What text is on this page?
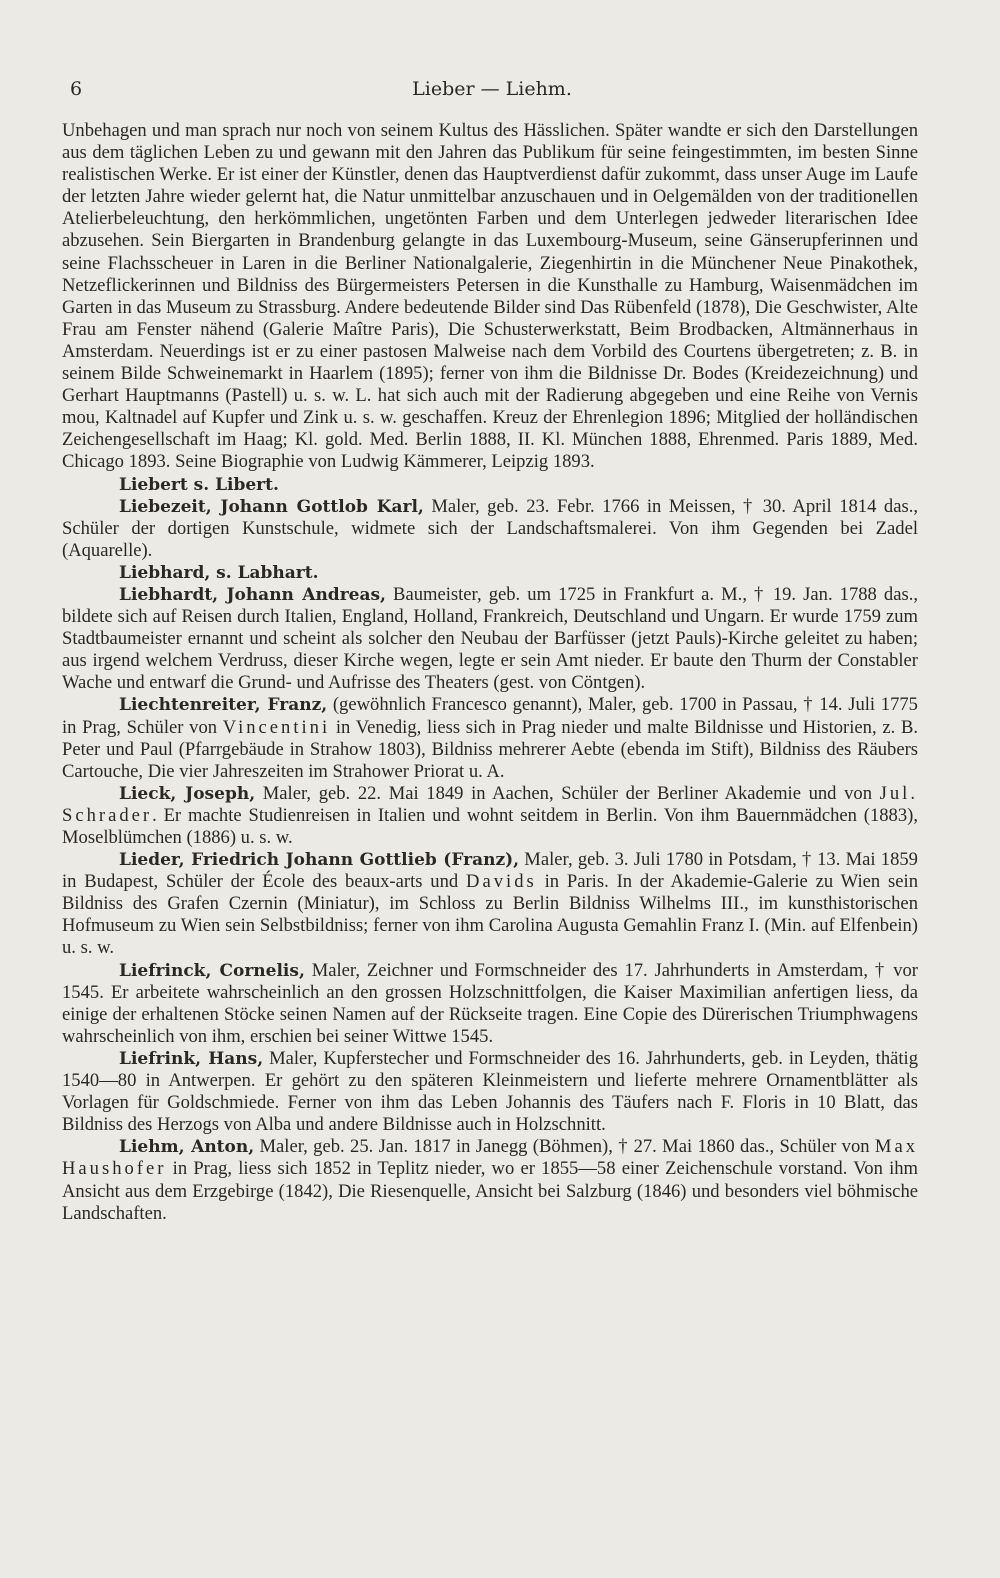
6	Lieber — Liehm.

Unbehagen und man sprach nur noch von seinem Kultus des Hässlichen. Später wandte er sich den Darstellungen aus dem täglichen Leben zu und gewann mit den Jahren das Publikum für seine feingestimmten, im besten Sinne realistischen Werke. Er ist einer der Künstler, denen das Hauptverdienst dafür zukommt, dass unser Auge im Laufe der letzten Jahre wieder gelernt hat, die Natur unmittelbar anzuschauen und in Oelgemälden von der traditionellen Atelierbeleuchtung, den herkömmlichen, ungetönten Farben und dem Unterlegen jedweder literarischen Idee abzusehen. Sein Biergarten in Brandenburg gelangte in das Luxembourg-Museum, seine Gänserupferinnen und seine Flachsscheuer in Laren in die Berliner Nationalgalerie, Ziegenhirtin in die Münchener Neue Pinakothek, Netzeflickerinnen und Bildniss des Bürgermeisters Petersen in die Kunsthalle zu Hamburg, Waisenmädchen im Garten in das Museum zu Strassburg. Andere bedeutende Bilder sind Das Rübenfeld (1878), Die Geschwister, Alte Frau am Fenster nähend (Galerie Maître Paris), Die Schusterwerkstatt, Beim Brodbacken, Altmännerhaus in Amsterdam. Neuerdings ist er zu einer pastosen Malweise nach dem Vorbild des Courtens übergetreten; z. B. in seinem Bilde Schweinemarkt in Haarlem (1895); ferner von ihm die Bildnisse Dr. Bodes (Kreidezeichnung) und Gerhart Hauptmanns (Pastell) u. s. w. L. hat sich auch mit der Radierung abgegeben und eine Reihe von Vernis mou, Kaltnadel auf Kupfer und Zink u. s. w. geschaffen. Kreuz der Ehrenlegion 1896; Mitglied der holländischen Zeichengesellschaft im Haag; Kl. gold. Med. Berlin 1888, II. Kl. München 1888, Ehrenmed. Paris 1889, Med. Chicago 1893. Seine Biographie von Ludwig Kämmerer, Leipzig 1893.

Liebert s. Libert.

Liebezeit, Johann Gottlob Karl, Maler, geb. 23. Febr. 1766 in Meissen, † 30. April 1814 das., Schüler der dortigen Kunstschule, widmete sich der Landschaftsmalerei. Von ihm Gegenden bei Zadel (Aquarelle).

Liebhard, s. Labhart.

Liebhardt, Johann Andreas, Baumeister, geb. um 1725 in Frankfurt a. M., † 19. Jan. 1788 das., bildete sich auf Reisen durch Italien, England, Holland, Frankreich, Deutschland und Ungarn. Er wurde 1759 zum Stadtbaumeister ernannt und scheint als solcher den Neubau der Barfüsser (jetzt Pauls)-Kirche geleitet zu haben; aus irgend welchem Verdruss, dieser Kirche wegen, legte er sein Amt nieder. Er baute den Thurm der Constabler Wache und entwarf die Grund- und Aufrisse des Theaters (gest. von Cöntgen).

Liechtenreiter, Franz, (gewöhnlich Francesco genannt), Maler, geb. 1700 in Passau, † 14. Juli 1775 in Prag, Schüler von Vincentini in Venedig, liess sich in Prag nieder und malte Bildnisse und Historien, z. B. Peter und Paul (Pfarrgebäude in Strahow 1803), Bildniss mehrerer Aebte (ebenda im Stift), Bildniss des Räubers Cartouche, Die vier Jahreszeiten im Strahower Priorat u. A.

Lieck, Joseph, Maler, geb. 22. Mai 1849 in Aachen, Schüler der Berliner Akademie und von Jul. Schrader. Er machte Studienreisen in Italien und wohnt seitdem in Berlin. Von ihm Bauernmädchen (1883), Moselblümchen (1886) u. s. w.

Lieder, Friedrich Johann Gottlieb (Franz), Maler, geb. 3. Juli 1780 in Potsdam, † 13. Mai 1859 in Budapest, Schüler der École des beaux-arts und Davids in Paris. In der Akademie-Galerie zu Wien sein Bildniss des Grafen Czernin (Miniatur), im Schloss zu Berlin Bildniss Wilhelms III., im kunsthistorischen Hofmuseum zu Wien sein Selbstbildniss; ferner von ihm Carolina Augusta Gemahlin Franz I. (Min. auf Elfenbein) u. s. w.

Liefrinck, Cornelis, Maler, Zeichner und Formschneider des 17. Jahrhunderts in Amsterdam, † vor 1545. Er arbeitete wahrscheinlich an den grossen Holzschnittfolgen, die Kaiser Maximilian anfertigen liess, da einige der erhaltenen Stöcke seinen Namen auf der Rückseite tragen. Eine Copie des Dürerischen Triumphwagens wahrscheinlich von ihm, erschien bei seiner Wittwe 1545.

Liefrink, Hans, Maler, Kupferstecher und Formschneider des 16. Jahrhunderts, geb. in Leyden, thätig 1540—80 in Antwerpen. Er gehört zu den späteren Kleinmeistern und lieferte mehrere Ornamentblätter als Vorlagen für Goldschmiede. Ferner von ihm das Leben Johannis des Täufers nach F. Floris in 10 Blatt, das Bildniss des Herzogs von Alba und andere Bildnisse auch in Holzschnitt.

Liehm, Anton, Maler, geb. 25. Jan. 1817 in Janegg (Böhmen), † 27. Mai 1860 das., Schüler von Max Haushofer in Prag, liess sich 1852 in Teplitz nieder, wo er 1855—58 einer Zeichenschule vorstand. Von ihm Ansicht aus dem Erzgebirge (1842), Die Riesenquelle, Ansicht bei Salzburg (1846) und besonders viel böhmische Landschaften.
